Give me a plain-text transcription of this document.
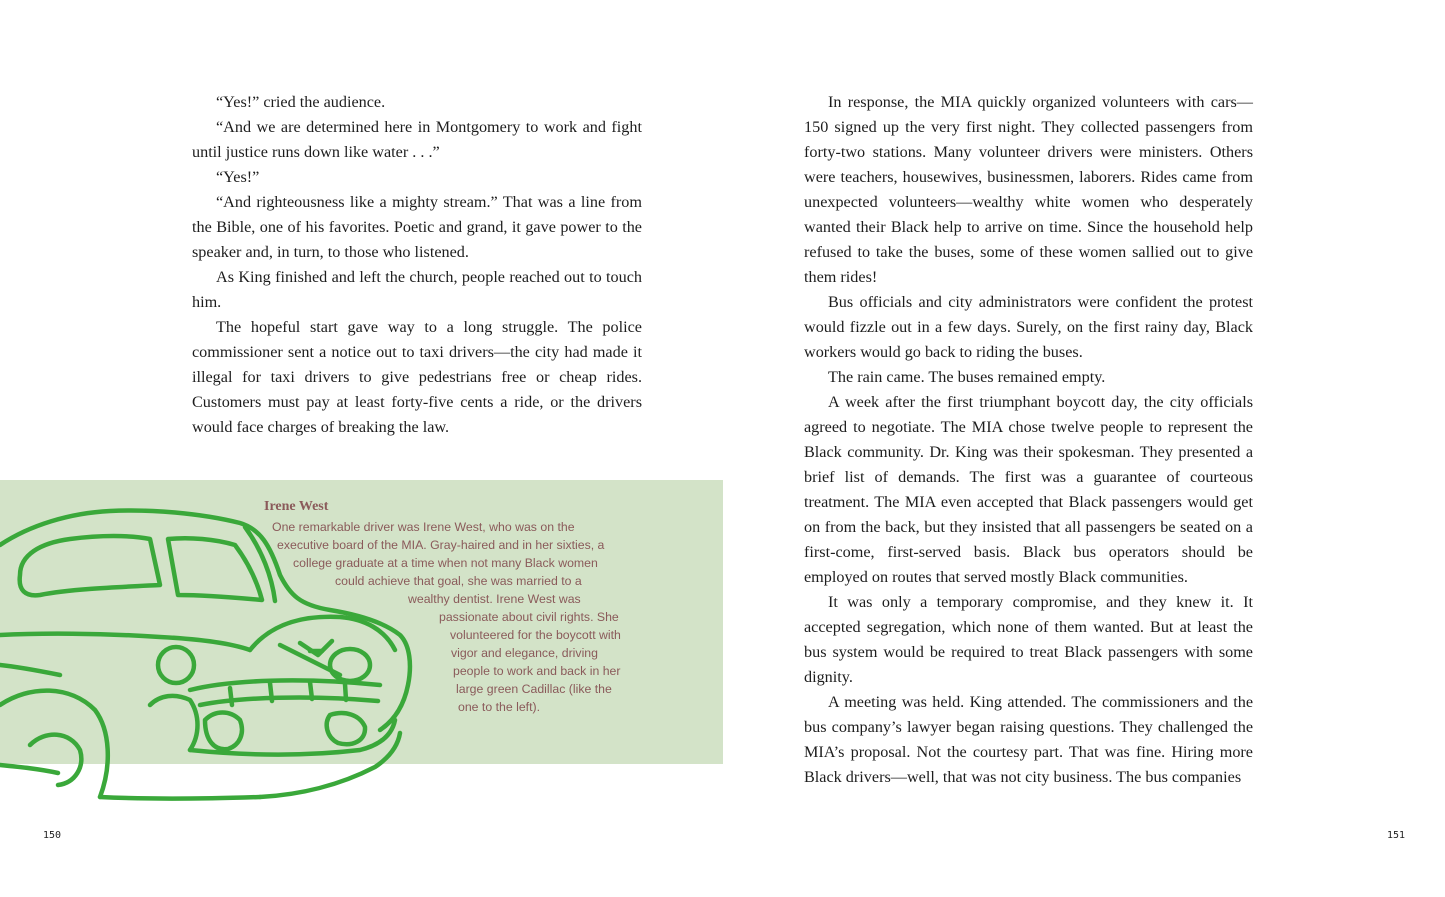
“Yes!” cried the audience.

“And we are determined here in Montgomery to work and fight until justice runs down like water . . .”

“Yes!”

“And righteousness like a mighty stream.” That was a line from the Bible, one of his favorites. Poetic and grand, it gave power to the speaker and, in turn, to those who listened.

As King finished and left the church, people reached out to touch him.

The hopeful start gave way to a long struggle. The police commissioner sent a notice out to taxi drivers—the city had made it illegal for taxi drivers to give pedestrians free or cheap rides. Customers must pay at least forty-five cents a ride, or the drivers would face charges of breaking the law.

Irene West

One remarkable driver was Irene West, who was on the

executive board of the MIA. Gray-haired and in her sixties, a

college graduate at a time when not many Black women

could achieve that goal, she was married to a

wealthy dentist. Irene West was

passionate about civil rights. She

volunteered for the boycott with

vigor and elegance, driving

people to work and back in her

large green Cadillac (like the

one to the left).

150

In response, the MIA quickly organized volunteers with cars—150 signed up the very first night. They collected passengers from forty-two stations. Many volunteer drivers were ministers. Others were teachers, housewives, businessmen, laborers. Rides came from unexpected volunteers—wealthy white women who desperately wanted their Black help to arrive on time. Since the household help refused to take the buses, some of these women sallied out to give them rides!

Bus officials and city administrators were confident the protest would fizzle out in a few days. Surely, on the first rainy day, Black workers would go back to riding the buses.

The rain came. The buses remained empty.

A week after the first triumphant boycott day, the city officials agreed to negotiate. The MIA chose twelve people to represent the Black community. Dr. King was their spokesman. They presented a brief list of demands. The first was a guarantee of courteous treatment. The MIA even accepted that Black passengers would get on from the back, but they insisted that all passengers be seated on a first-come, first-served basis. Black bus operators should be employed on routes that served mostly Black communities.

It was only a temporary compromise, and they knew it. It accepted segregation, which none of them wanted. But at least the bus system would be required to treat Black passengers with some dignity.

A meeting was held. King attended. The commissioners and the bus company’s lawyer began raising questions. They challenged the MIA’s proposal. Not the courtesy part. That was fine. Hiring more Black drivers—well, that was not city business. The bus companies

151
